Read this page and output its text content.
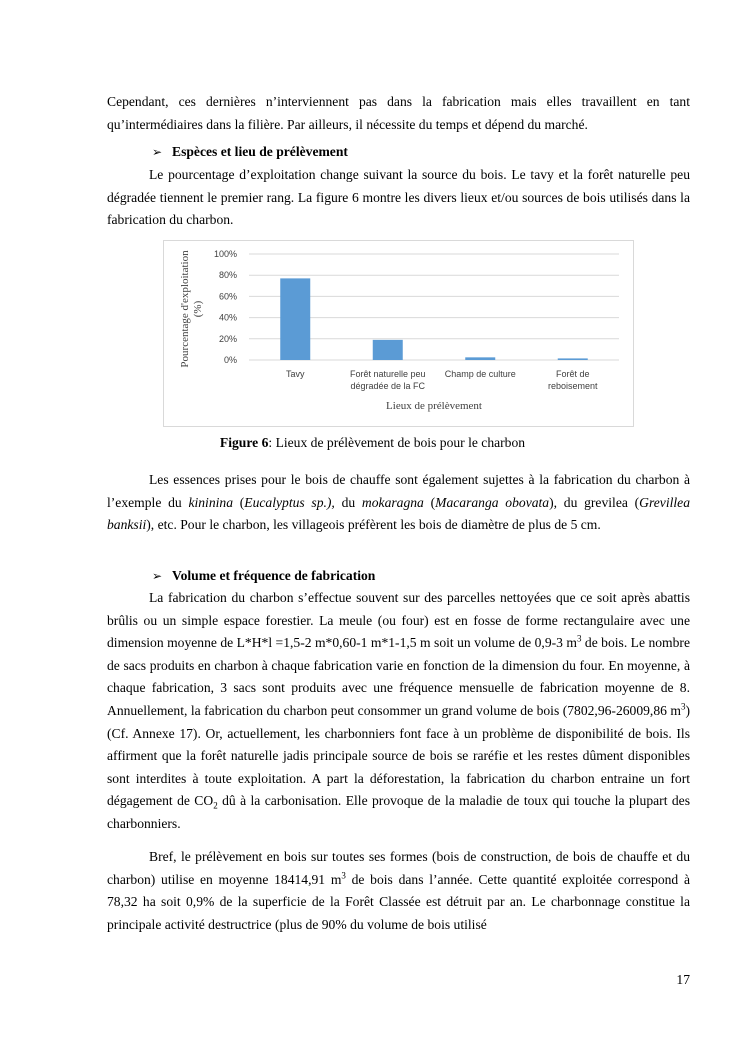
Cependant, ces dernières n’interviennent pas dans la fabrication mais elles travaillent en tant qu’intermédiaires dans la filière. Par ailleurs, il nécessite du temps et dépend du marché.

➢ Espèces et lieu de prélèvement

Le pourcentage d’exploitation change suivant la source du bois. Le tavy et la forêt naturelle peu dégradée tiennent le premier rang. La figure 6 montre les divers lieux et/ou sources de bois utilisés dans la fabrication du charbon.

0%
20%
40%
60%
80%
100%
Tavy	Forêt naturelle peu
dégradée de la FC
Champ de culture	Forêt de
reboisement
Lieux de prélèvement
Pourcentage d'exploitation (%)

Figure 6: Lieux de prélèvement de bois pour le charbon

Les essences prises pour le bois de chauffe sont également sujettes à la fabrication du charbon à l’exemple du kininina (Eucalyptus sp.), du mokaragna (Macaranga obovata), du grevilea (Grevillea banksii), etc. Pour le charbon, les villageois préfèrent les bois de diamètre de plus de 5 cm.

➢ Volume et fréquence de fabrication

La fabrication du charbon s’effectue souvent sur des parcelles nettoyées que ce soit après abattis brûlis ou un simple espace forestier. La meule (ou four) est en fosse de forme rectangulaire avec une dimension moyenne de L*H*l =1,5-2 m*0,60-1 m*1-1,5 m soit un volume de 0,9-3 $m^3$ de bois. Le nombre de sacs produits en charbon à chaque fabrication varie en fonction de la dimension du four. En moyenne, à chaque fabrication, 3 sacs sont produits avec une fréquence mensuelle de fabrication moyenne de 8. Annuellement, la fabrication du charbon peut consommer un grand volume de bois (7802,96-26009,86 $m^3$) (Cf. Annexe 17). Or, actuellement, les charbonniers font face à un problème de disponibilité de bois. Ils affirment que la forêt naturelle jadis principale source de bois se raréfie et les restes dûment disponibles sont interdites à toute exploitation. A part la déforestation, la fabrication du charbon entraine un fort dégagement de $CO_2$ dû à la carbonisation. Elle provoque de la maladie de toux qui touche la plupart des charbonniers.

Bref, le prélèvement en bois sur toutes ses formes (bois de construction, de bois de chauffe et du charbon) utilise en moyenne 18414,91 $m^3$ de bois dans l’année. Cette quantité exploitée correspond à 78,32 ha soit 0,9% de la superficie de la Forêt Classée est détruit par an. Le charbonnage constitue la principale activité destructrice (plus de 90% du volume de bois utilisé

17
